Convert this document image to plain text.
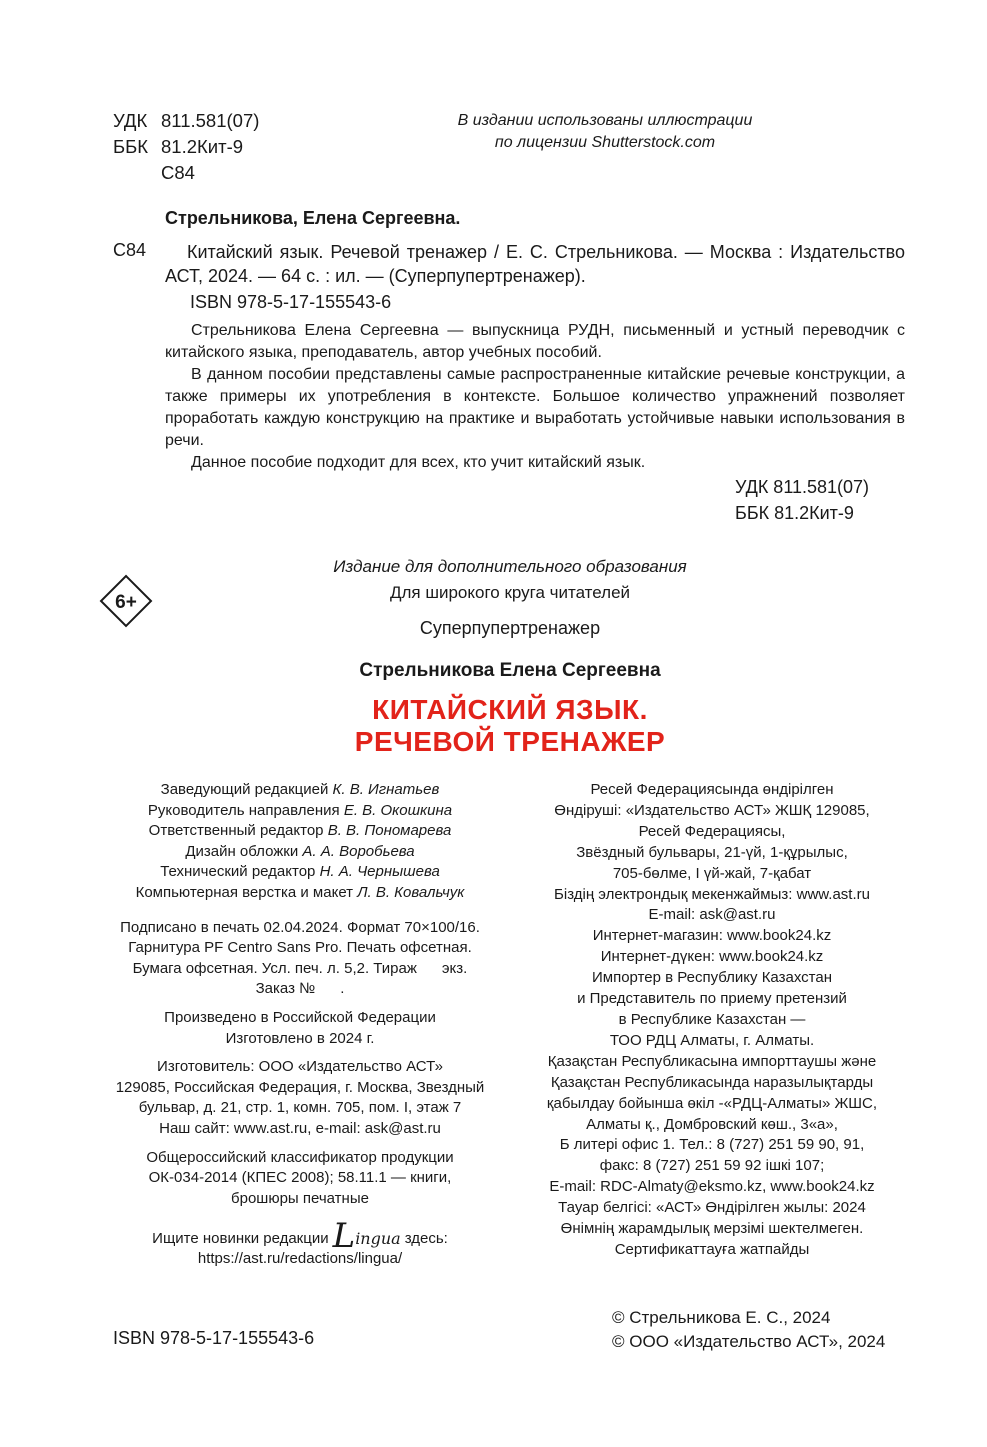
УДК 811.581(07)
ББК 81.2Кит-9
С84
В издании использованы иллюстрации
по лицензии Shutterstock.com
Стрельникова, Елена Сергеевна.
С84	Китайский язык. Речевой тренажер / Е. С. Стрельникова. — Москва : Издательство АСТ, 2024. — 64 с. : ил. — (Суперпупертренажер).
ISBN 978-5-17-155543-6

Стрельникова Елена Сергеевна — выпускница РУДН, письменный и устный переводчик с китайского языка, преподаватель, автор учебных пособий.

В данном пособии представлены самые распространенные китайские речевые конструкции, а также примеры их употребления в контексте. Большое количество упражнений позволяет проработать каждую конструкцию на практике и выработать устойчивые навыки использования в речи.

Данное пособие подходит для всех, кто учит китайский язык.

УДК 811.581(07)
ББК 81.2Кит-9
6+
Издание для дополнительного образования
Для широкого круга читателей
Суперпупертренажер
Стрельникова Елена Сергеевна
КИТАЙСКИЙ ЯЗЫК.
РЕЧЕВОЙ ТРЕНАЖЕР
Заведующий редакцией К. В. Игнатьев
Руководитель направления Е. В. Окошкина
Ответственный редактор В. В. Пономарева
Дизайн обложки А. А. Воробьева
Технический редактор Н. А. Чернышева
Компьютерная верстка и макет Л. В. Ковальчук
Подписано в печать 02.04.2024. Формат 70×100/16.
Гарнитура PF Centro Sans Pro. Печать офсетная.
Бумага офсетная. Усл. печ. л. 5,2. Тираж      экз.
Заказ №      .
Произведено в Российской Федерации
Изготовлено в 2024 г.
Изготовитель: ООО «Издательство АСТ»
129085, Российская Федерация, г. Москва, Звездный
бульвар, д. 21, стр. 1, комн. 705, пом. I, этаж 7
Наш сайт: www.ast.ru, e-mail: ask@ast.ru
Общероссийский классификатор продукции
ОК-034-2014 (КПЕС 2008); 58.11.1 — книги,
брошюры печатные
Ищите новинки редакции L ingua здесь:
https://ast.ru/redactions/lingua/
Ресей Федерациясында өндірілген
Өндіруші: «Издательство АСТ» ЖШҚ 129085,
Ресей Федерациясы,
Звёздный бульвары, 21-үй, 1-құрылыс,
705-бөлме, I үй-жай, 7-қабат
Біздің электрондық мекенжаймыз: www.ast.ru
E-mail: ask@ast.ru
Интернет-магазин: www.book24.kz
Интернет-дүкен: www.book24.kz
Импортер в Республику Казахстан
и Представитель по приему претензий
в Республике Казахстан —
ТОО РДЦ Алматы, г. Алматы.
Қазақстан Республикасына импорттаушы және
Қазақстан Республикасында наразылықтарды
қабылдау бойынша өкіл -«РДЦ-Алматы» ЖШС,
Алматы қ., Домбровский көш., 3«а»,
Б литері офис 1. Тел.: 8 (727) 251 59 90, 91,
факс: 8 (727) 251 59 92 ішкі 107;
E-mail: RDC-Almaty@eksmo.kz, www.book24.kz
Тауар белгісі: «АСТ» Өндірілген жылы: 2024
Өнімнің жарамдылық мерзімі шектелмеген.
Сертификаттауға жатпайды
© Стрельникова Е. С., 2024
© ООО «Издательство АСТ», 2024
ISBN 978-5-17-155543-6
